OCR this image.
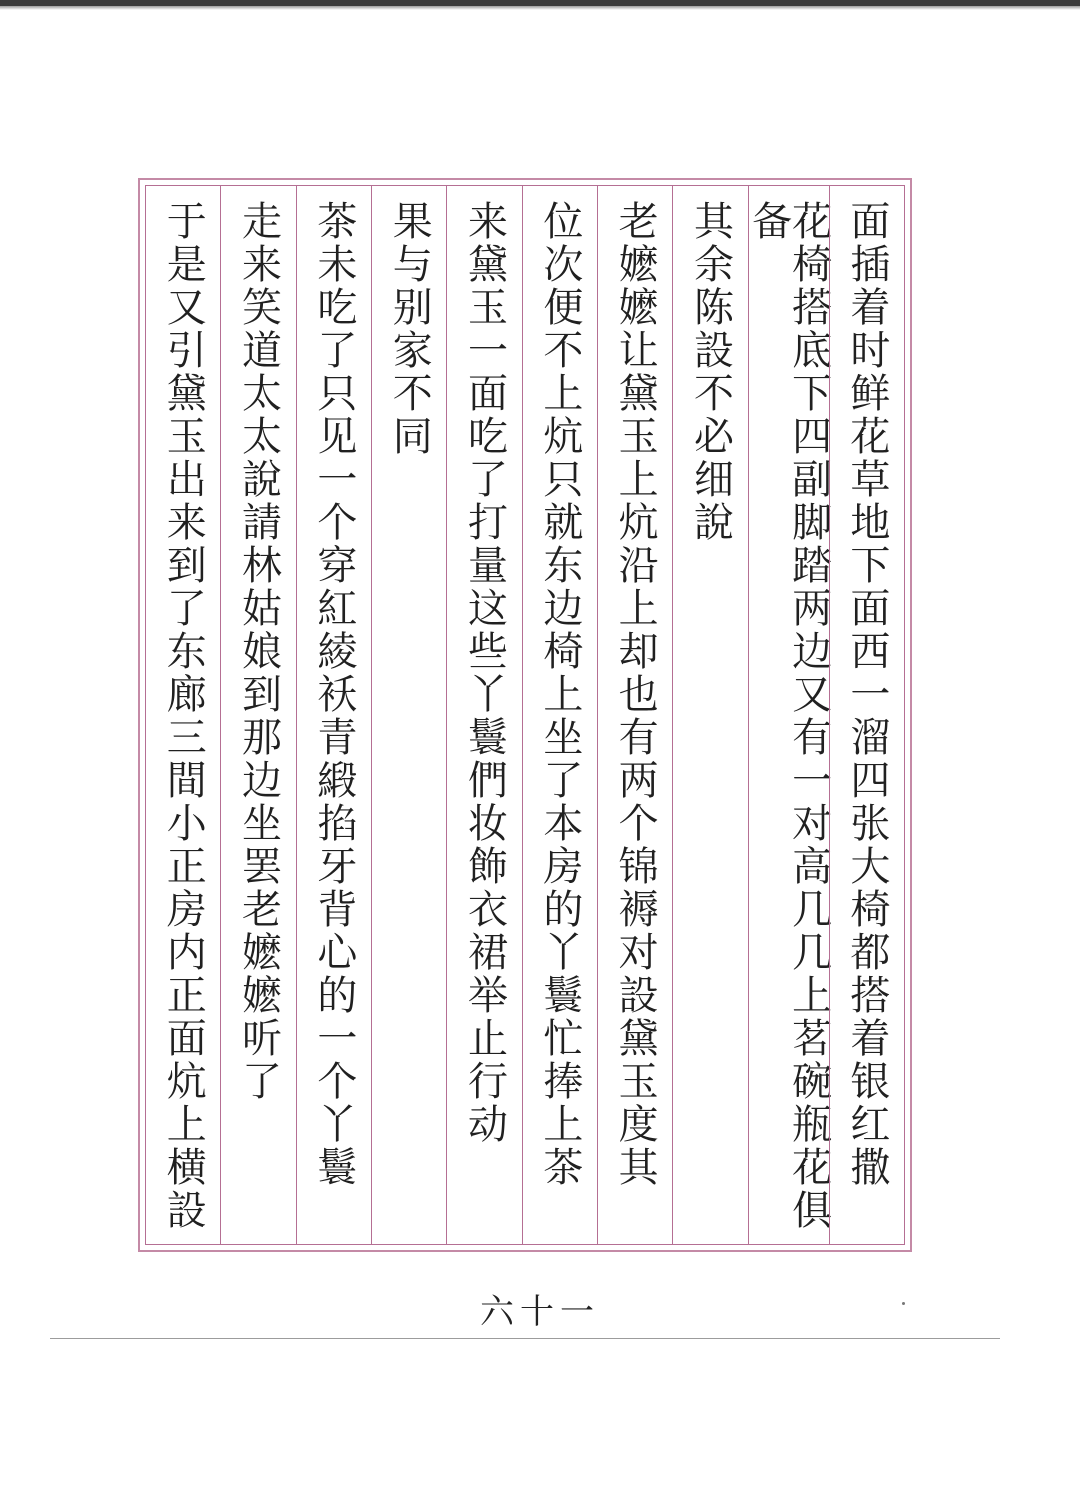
面插着时鲜花草地下面西一溜四张大椅都搭着银红撒
花椅搭底下四副脚踏两边又有一对高几几上茗碗瓶花俱备
其余陈設不必细說
老嬷嬷让黛玉上炕沿上却也有两个锦褥对設黛玉度其
位次便不上炕只就东边椅上坐了本房的丫鬟忙捧上茶
来黛玉一面吃了打量这些丫鬟們妆飾衣裙举止行动
果与别家不同
茶未吃了只见一个穿紅綾袄青緞掐牙背心的一个丫鬟
走来笑道太太說請林姑娘到那边坐罢老嬷嬷听了
于是又引黛玉出来到了东廊三間小正房内正面炕上横設
六十一
